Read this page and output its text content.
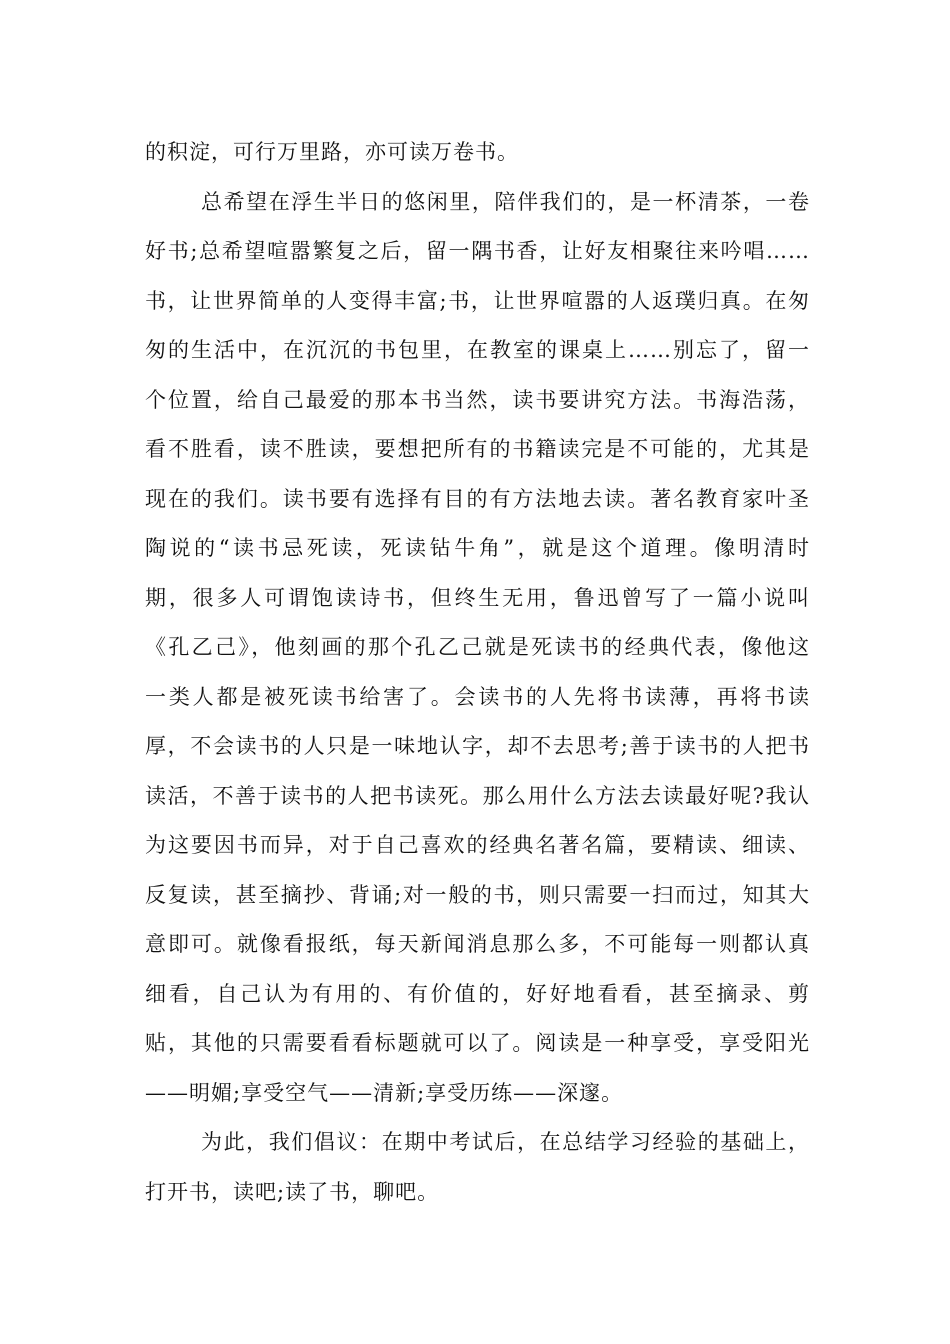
的积淀，可行万里路，亦可读万卷书。
总希望在浮生半日的悠闲里，陪伴我们的，是一杯清茶，一卷
好书;总希望喧嚣繁复之后，留一隅书香，让好友相聚往来吟唱……
书，让世界简单的人变得丰富;书，让世界喧嚣的人返璞归真。在匆
匆的生活中，在沉沉的书包里，在教室的课桌上……别忘了，留一
个位置，给自己最爱的那本书当然，读书要讲究方法。书海浩荡，
看不胜看，读不胜读，要想把所有的书籍读完是不可能的，尤其是
现在的我们。读书要有选择有目的有方法地去读。著名教育家叶圣
陶说的“读书忌死读，死读钻牛角”，就是这个道理。像明清时
期，很多人可谓饱读诗书，但终生无用，鲁迅曾写了一篇小说叫
《孔乙己》，他刻画的那个孔乙己就是死读书的经典代表，像他这
一类人都是被死读书给害了。会读书的人先将书读薄，再将书读
厚，不会读书的人只是一味地认字，却不去思考;善于读书的人把书
读活，不善于读书的人把书读死。那么用什么方法去读最好呢?我认
为这要因书而异，对于自己喜欢的经典名著名篇，要精读、细读、
反复读，甚至摘抄、背诵;对一般的书，则只需要一扫而过，知其大
意即可。就像看报纸，每天新闻消息那么多，不可能每一则都认真
细看，自己认为有用的、有价值的，好好地看看，甚至摘录、剪
贴，其他的只需要看看标题就可以了。阅读是一种享受，享受阳光
——明媚;享受空气——清新;享受历练——深邃。
为此，我们倡议：在期中考试后，在总结学习经验的基础上，
打开书，读吧;读了书，聊吧。
